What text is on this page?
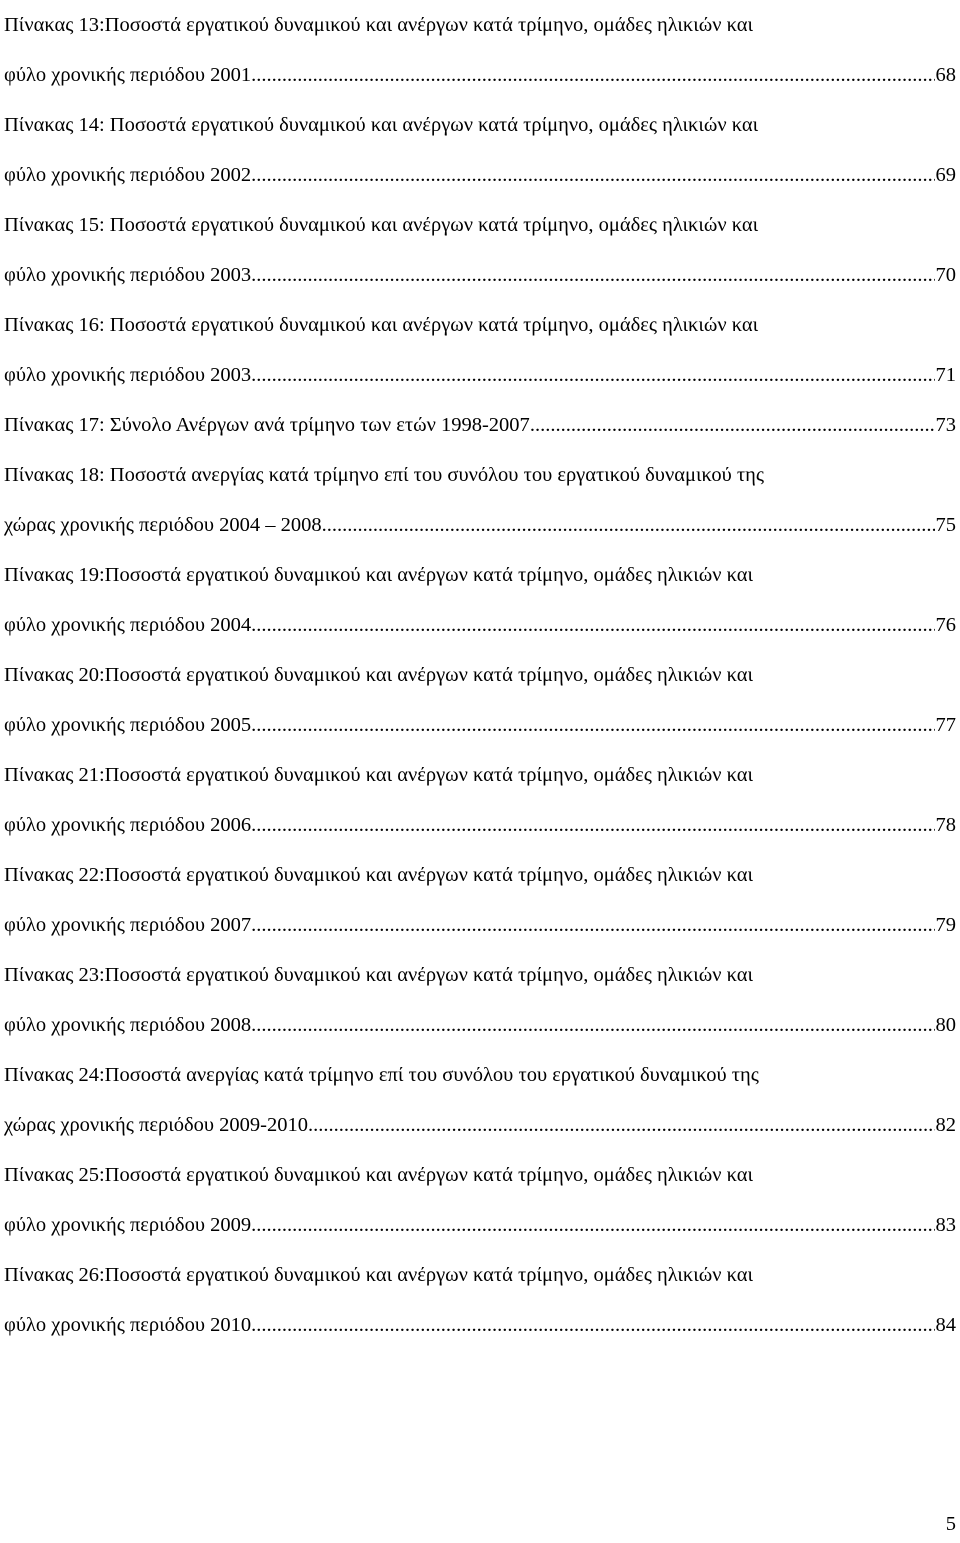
Πίνακας 13:Ποσοστά εργατικού δυναμικού και ανέργων κατά τρίμηνο, ομάδες ηλικιών και
φύλο χρονικής περιόδου 2001 .....	68
Πίνακας 14: Ποσοστά εργατικού δυναμικού και ανέργων κατά τρίμηνο, ομάδες ηλικιών και
φύλο χρονικής περιόδου 2002 .....	69
Πίνακας 15: Ποσοστά εργατικού δυναμικού και ανέργων κατά τρίμηνο, ομάδες ηλικιών και
φύλο χρονικής περιόδου 2003 .....	70
Πίνακας 16: Ποσοστά εργατικού δυναμικού και ανέργων κατά τρίμηνο, ομάδες ηλικιών και
φύλο χρονικής περιόδου 2003 .....	71
Πίνακας 17: Σύνολο Ανέργων ανά τρίμηνο των ετών 1998-2007 .....	73
Πίνακας 18: Ποσοστά ανεργίας κατά τρίμηνο επί του συνόλου του εργατικού δυναμικού της
χώρας χρονικής περιόδου 2004 – 2008 .....	75
Πίνακας 19:Ποσοστά εργατικού δυναμικού και ανέργων κατά τρίμηνο, ομάδες ηλικιών και
φύλο χρονικής περιόδου 2004 .....	76
Πίνακας 20:Ποσοστά εργατικού δυναμικού και ανέργων κατά τρίμηνο, ομάδες ηλικιών και
φύλο χρονικής περιόδου 2005 .....	77
Πίνακας 21:Ποσοστά εργατικού δυναμικού και ανέργων κατά τρίμηνο, ομάδες ηλικιών και
φύλο χρονικής περιόδου 2006 .....	78
Πίνακας 22:Ποσοστά εργατικού δυναμικού και ανέργων κατά τρίμηνο, ομάδες ηλικιών και
φύλο χρονικής περιόδου 2007 .....	79
Πίνακας 23:Ποσοστά εργατικού δυναμικού και ανέργων κατά τρίμηνο, ομάδες ηλικιών και
φύλο χρονικής περιόδου 2008 .....	80
Πίνακας 24:Ποσοστά ανεργίας κατά τρίμηνο επί του συνόλου του εργατικού δυναμικού της
χώρας χρονικής περιόδου 2009-2010 .....	82
Πίνακας 25:Ποσοστά εργατικού δυναμικού και ανέργων κατά τρίμηνο, ομάδες ηλικιών και
φύλο χρονικής περιόδου 2009 .....	83
Πίνακας 26:Ποσοστά εργατικού δυναμικού και ανέργων κατά τρίμηνο, ομάδες ηλικιών και
φύλο χρονικής περιόδου 2010 .....	84
5
